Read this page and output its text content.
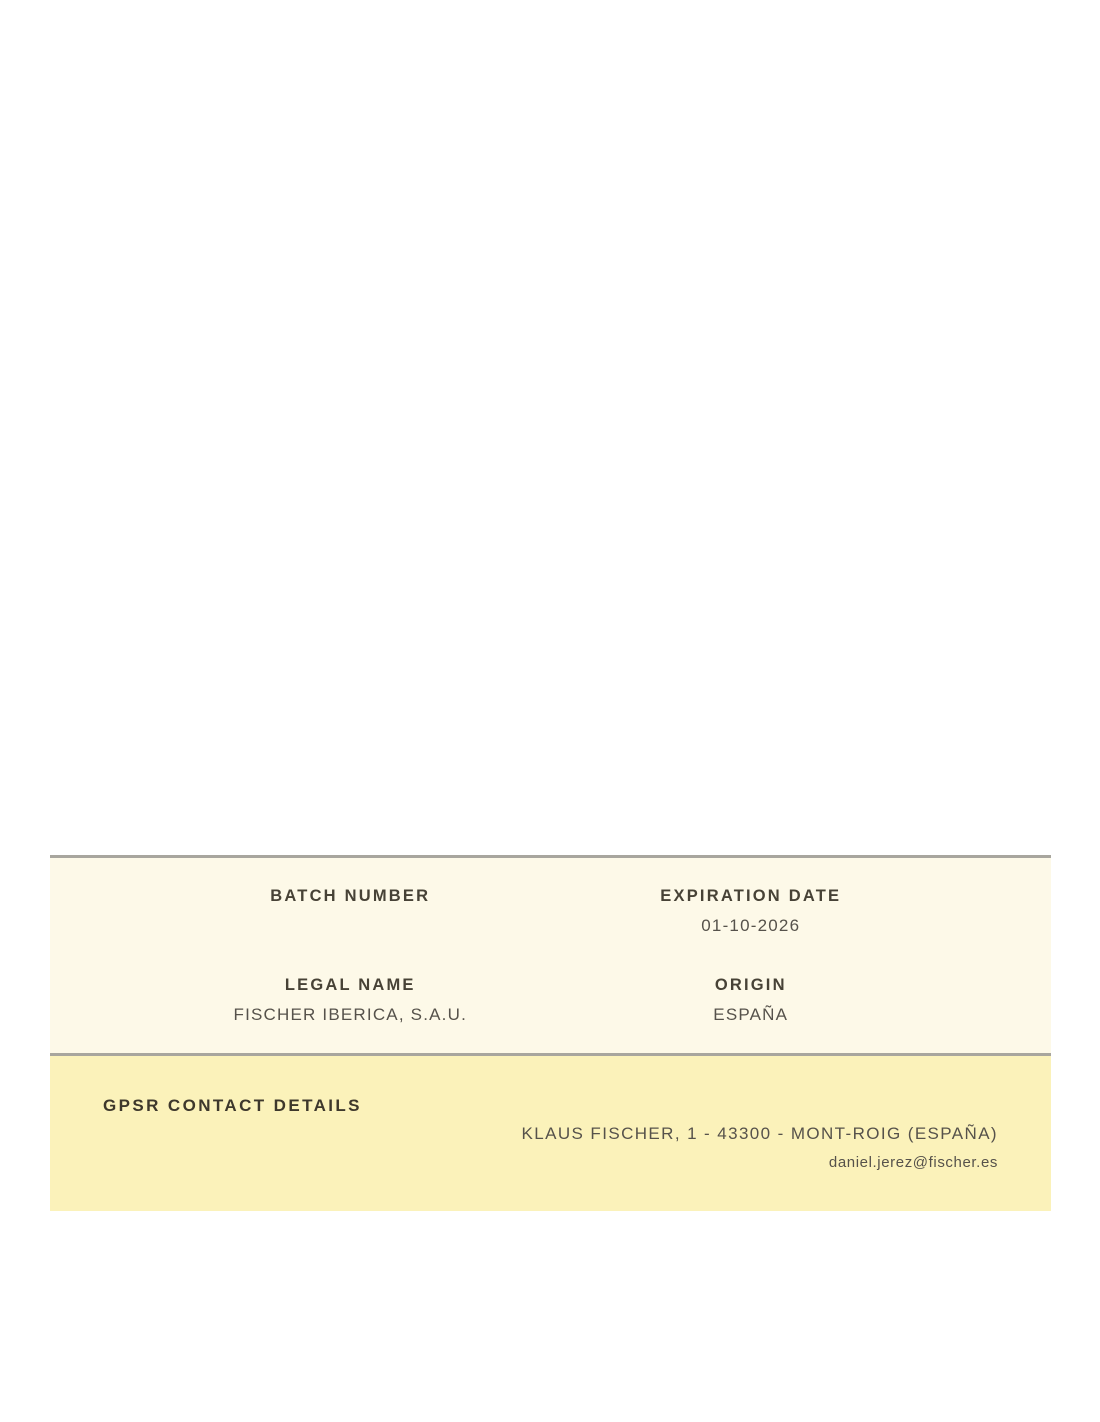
BATCH NUMBER	EXPIRATION DATE
01-10-2026
LEGAL NAME
FISCHER IBERICA, S.A.U.
ORIGIN
ESPAÑA
GPSR CONTACT DETAILS
KLAUS FISCHER, 1 - 43300 - MONT-ROIG (ESPAÑA)
daniel.jerez@fischer.es
